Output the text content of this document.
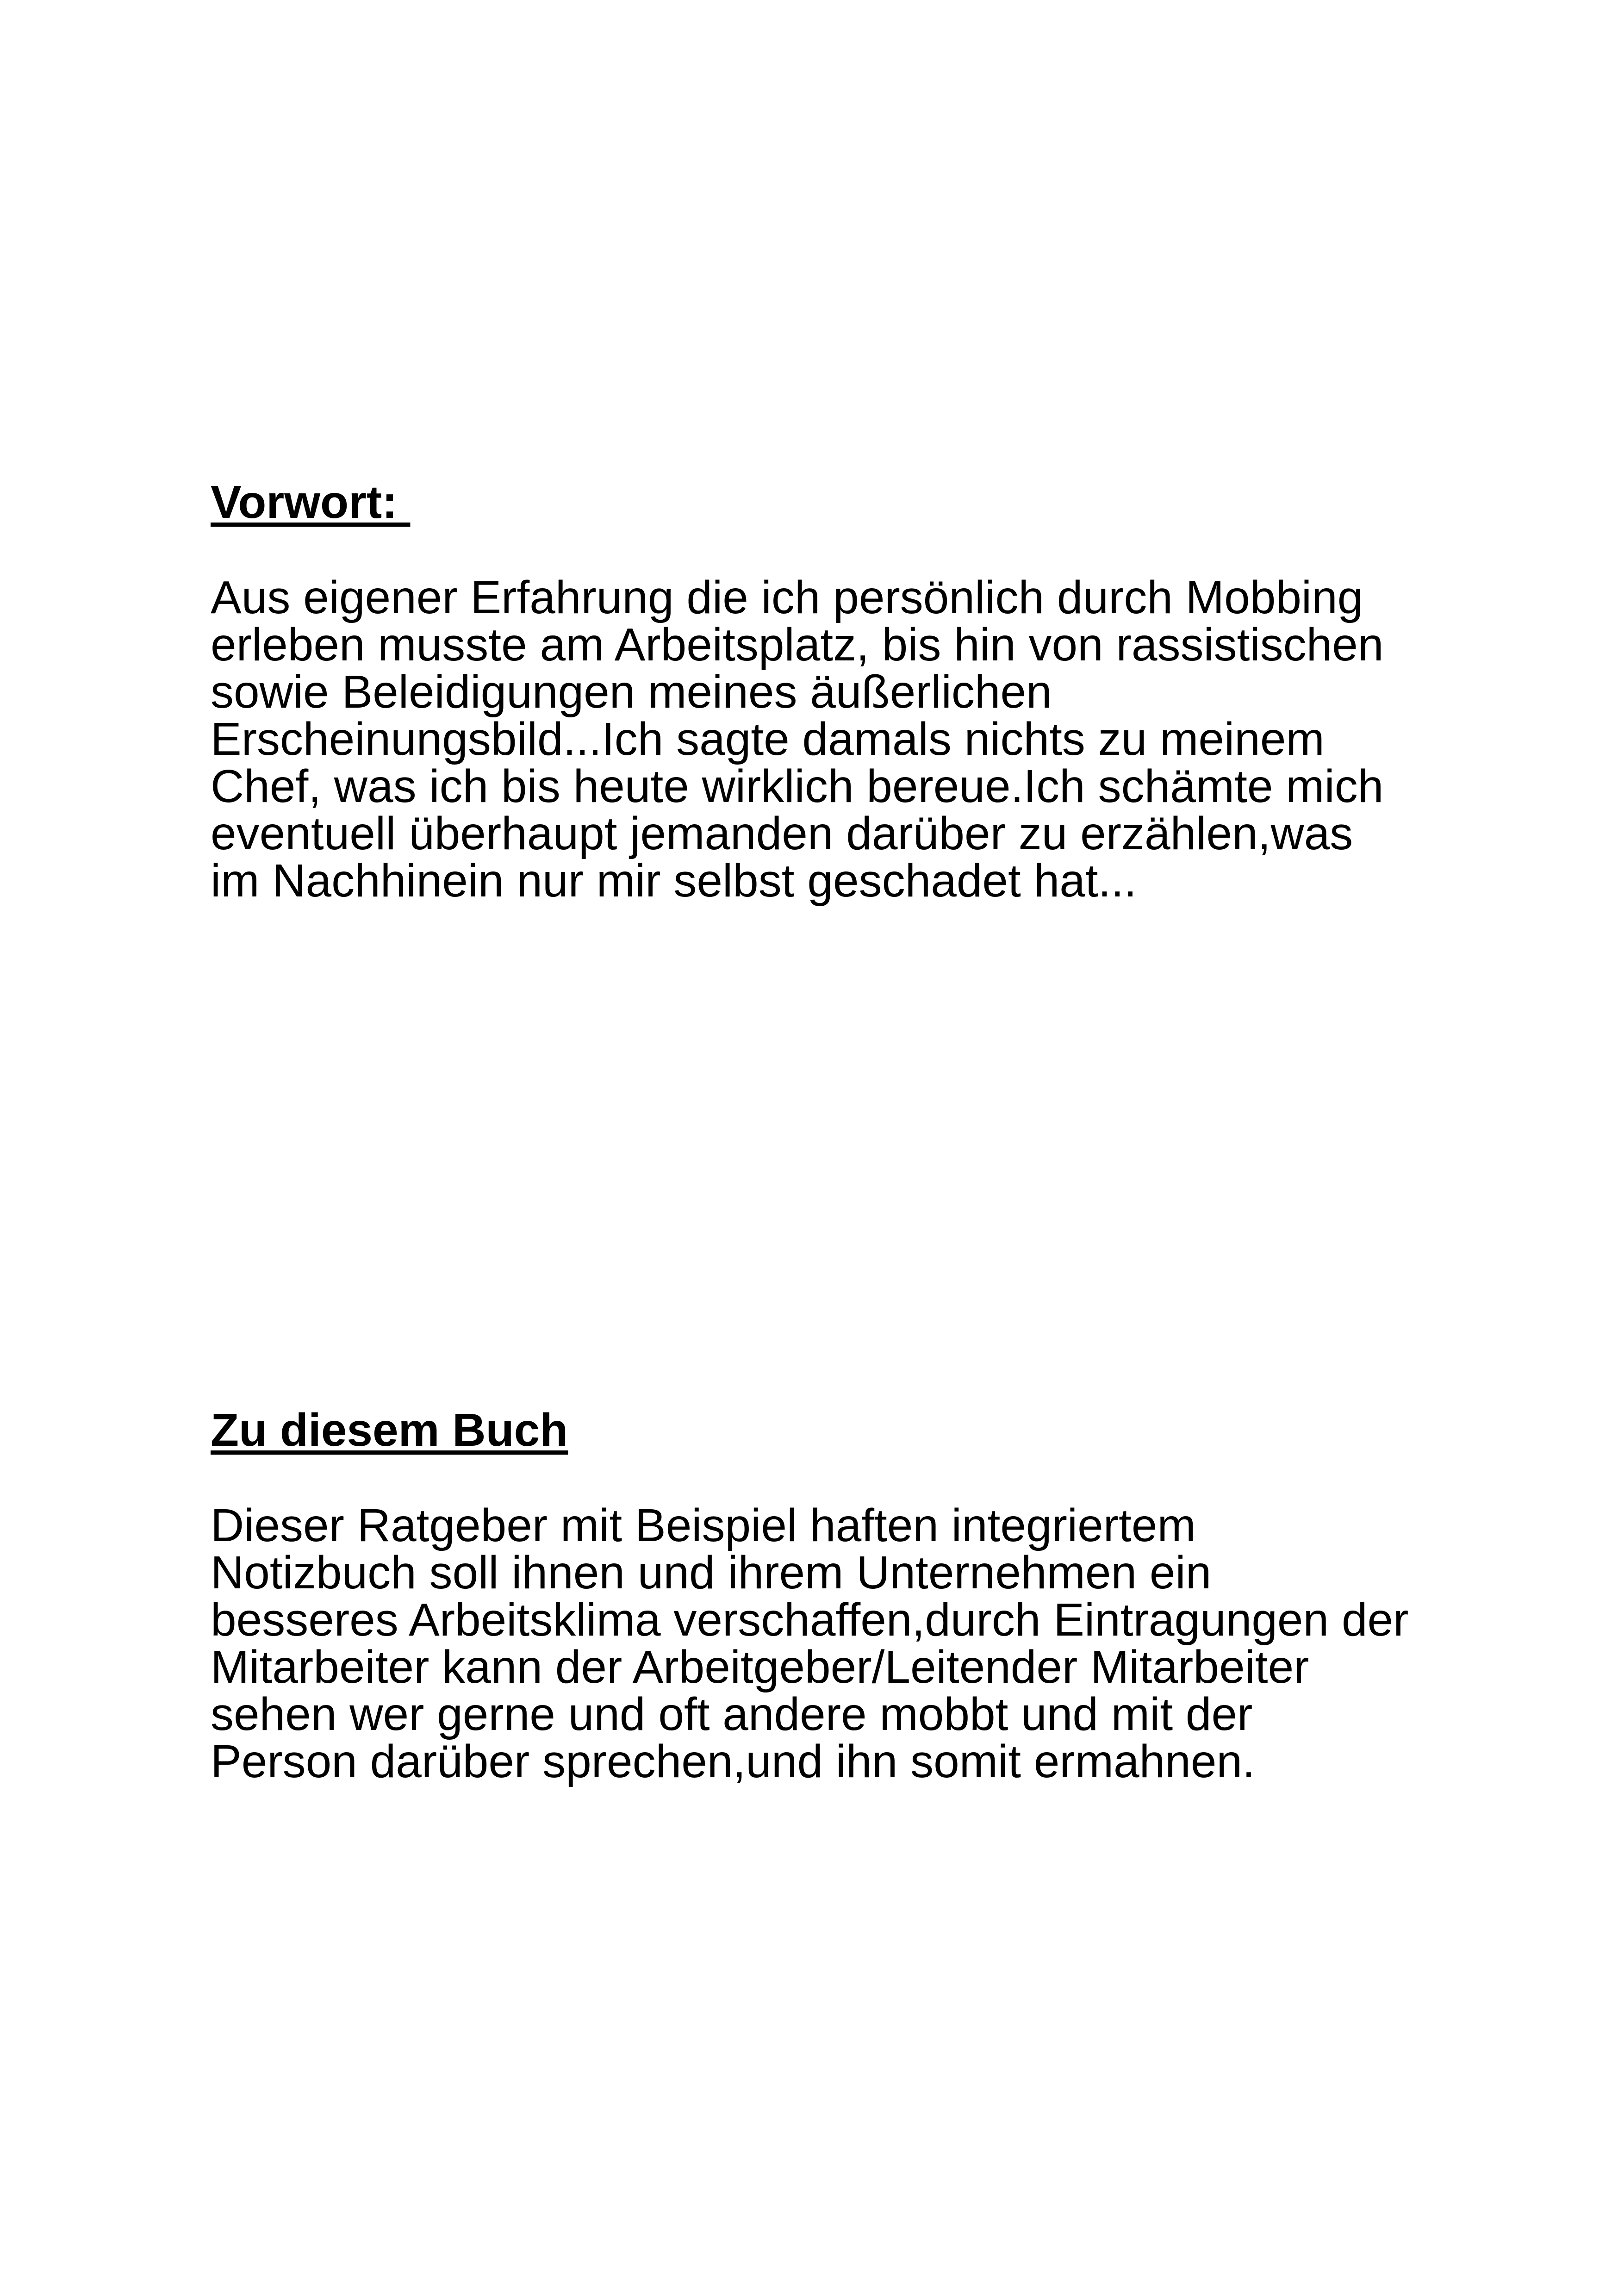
Vorwort:

Aus eigener Erfahrung die ich persönlich durch Mobbing
erleben musste am Arbeitsplatz, bis hin von rassistischen
sowie Beleidigungen meines äußerlichen
Erscheinungsbild...Ich sagte damals nichts zu meinem
Chef, was ich bis heute wirklich bereue.Ich schämte mich
eventuell überhaupt jemanden darüber zu erzählen,was
im Nachhinein nur mir selbst geschadet hat...

Zu diesem Buch

Dieser Ratgeber mit Beispiel haften integriertem
Notizbuch soll ihnen und ihrem Unternehmen ein
besseres Arbeitsklima verschaffen,durch Eintragungen der
Mitarbeiter kann der Arbeitgeber/Leitender Mitarbeiter
sehen wer gerne und oft andere mobbt und mit der
Person darüber sprechen,und ihn somit ermahnen.
